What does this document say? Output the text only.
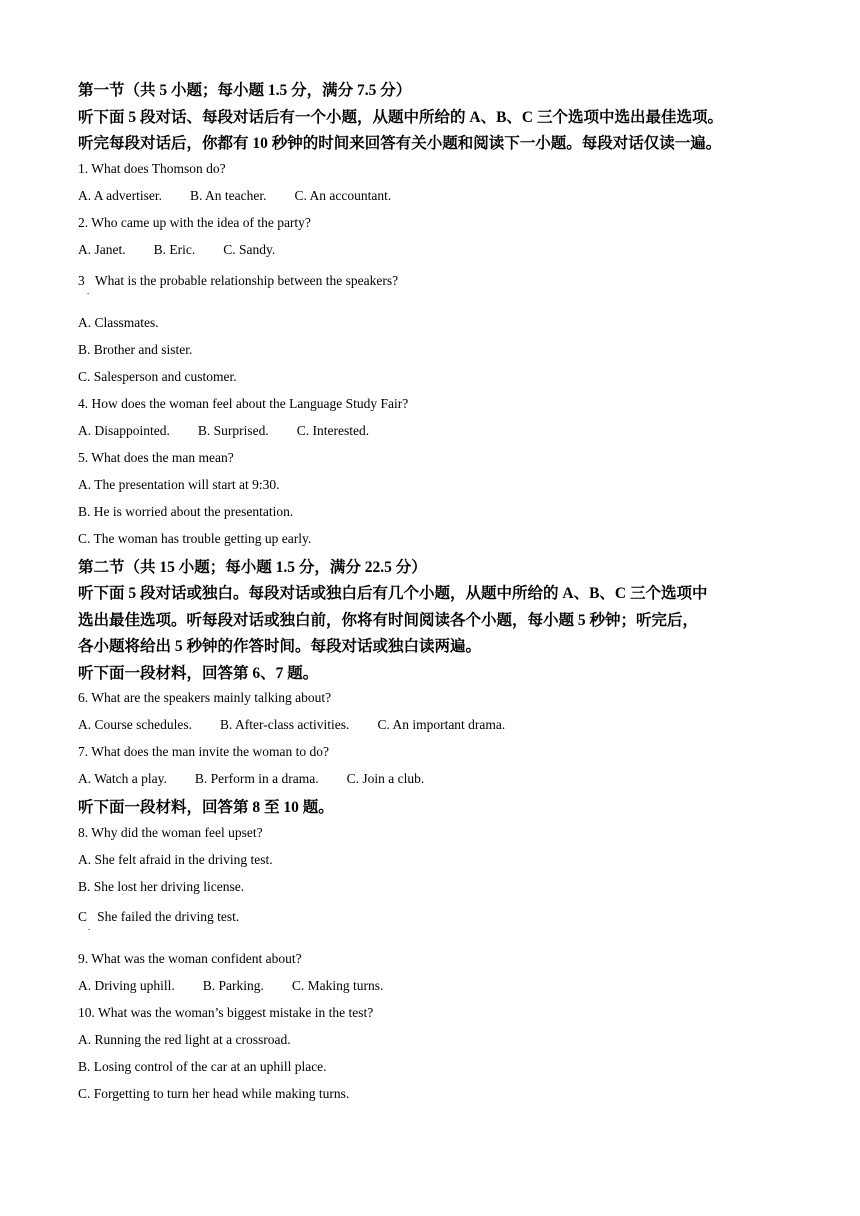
第一节（共 5 小题；每小题 1.5 分，满分 7.5 分）

听下面 5 段对话、每段对话后有一个小题，从题中所给的 A、B、C 三个选项中选出最佳选项。

听完每段对话后，你都有 10 秒钟的时间来回答有关小题和阅读下一小题。每段对话仅读一遍。

1. What does Thomson do?

A. A advertiser. B. An teacher. C. An accountant.

2. Who came up with the idea of the party?

A. Janet. B. Eric. C. Sandy.

3
.
What is the probable relationship between the speakers?

A. Classmates.

B. Brother and sister.

C. Salesperson and customer.

4. How does the woman feel about the Language Study Fair?

A. Disappointed. B. Surprised. C. Interested.

5. What does the man mean?

A. The presentation will start at 9:30.

B. He is worried about the presentation.

C. The woman has trouble getting up early.

第二节（共 15 小题；每小题 1.5 分，满分 22.5 分）

听下面 5 段对话或独白。每段对话或独白后有几个小题，从题中所给的 A、B、C 三个选项中

选出最佳选项。听每段对话或独白前，你将有时间阅读各个小题，每小题 5 秒钟；听完后，

各小题将给出 5 秒钟的作答时间。每段对话或独白读两遍。

听下面一段材料，回答第 6、7 题。

6. What are the speakers mainly talking about?

A. Course schedules. B. After-class activities. C. An important drama.

7. What does the man invite the woman to do?

A. Watch a play. B. Perform in a drama. C. Join a club.

听下面一段材料，回答第 8 至 10 题。

8. Why did the woman feel upset?

A. She felt afraid in the driving test.

B. She lost her driving license.

C
.
She failed the driving test.

9. What was the woman confident about?

A. Driving uphill. B. Parking. C. Making turns.

10. What was the woman’s biggest mistake in the test?

A. Running the red light at a crossroad.

B. Losing control of the car at an uphill place.

C. Forgetting to turn her head while making turns.
